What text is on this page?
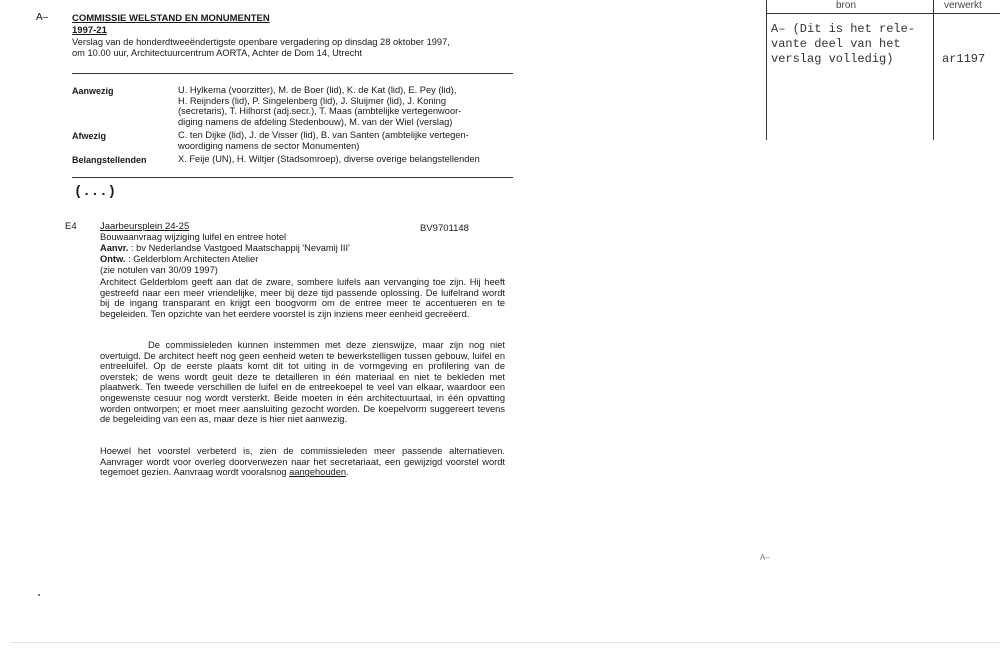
A–	COMMISSIE WELSTAND EN MONUMENTEN
1997-21
Verslag van de honderdtweeëndertigste openbare vergadering op dinsdag 28 oktober 1997,
om 10.00 uur, Architectuurcentrum AORTA, Achter de Dom 14, Utrecht
Aanwezig	U. Hylkema (voorzitter), M. de Boer (lid), K. de Kat (lid), E. Pey (lid),
H. Reijnders (lid), P. Singelenberg (lid), J. Sluijmer (lid), J. Koning
(secretaris), T. Hilhorst (adj.secr.), T. Maas (ambtelijke vertegenwoor-
diging namens de afdeling Stedenbouw), M. van der Wiel (verslag)
Afwezig	C. ten Dijke (lid), J. de Visser (lid), B. van Santen (ambtelijke vertegen-
woordiging namens de sector Monumenten)
Belangstellenden	X. Feije (UN), H. Wiltjer (Stadsomroep), diverse overige belangstellenden
(...)
E4 Jaarbeursplein 24-25	BV9701148
Bouwaanvraag wijziging luifel en entree hotel
Aanvr. : bv Nederlandse Vastgoed Maatschappij 'Nevamij III'
Ontw. : Gelderblom Architecten Atelier
(zie notulen van 30/09 1997)

Architect Gelderblom geeft aan dat de zware, sombere luifels aan vervanging toe zijn. Hij heeft gestreefd naar een meer vriendelijke, meer bij deze tijd passende oplossing. De luifelrand wordt bij de ingang transparant en krijgt een boogvorm om de entree meer te accentueren en te begeleiden. Ten opzichte van het eerdere voorstel is zijn inziens meer eenheid gecreëerd.

De commissieleden kunnen instemmen met deze zienswijze, maar zijn nog niet overtuigd. De architect heeft nog geen eenheid weten te bewerkstelligen tussen gebouw, luifel en entreeluifel. Op de eerste plaats komt dit tot uiting in de vormgeving en profilering van de overstek; de wens wordt geuit deze te detailleren in één materiaal en niet te bekleden met plaatwerk. Ten tweede verschillen de luifel en de entreekoepel te veel van elkaar, waardoor een ongewenste cesuur nog wordt versterkt. Beide moeten in één architectuurtaal, in één opvatting worden ontworpen; er moet meer aansluiting gezocht worden. De koepelvorm suggereert tevens de begeleiding van een as, maar deze is hier niet aanwezig.

Hoewel het voorstel verbeterd is, zien de commissieleden meer passende alternatieven. Aanvrager wordt voor overleg doorverwezen naar het secretariaat, een gewijzigd voorstel wordt tegemoet gezien. Aanvraag wordt vooralsnog aangehouden.

bron	verwerkt
A– (Dit is het rele-
vante deel van het
verslag volledig)	ar1197
A–
